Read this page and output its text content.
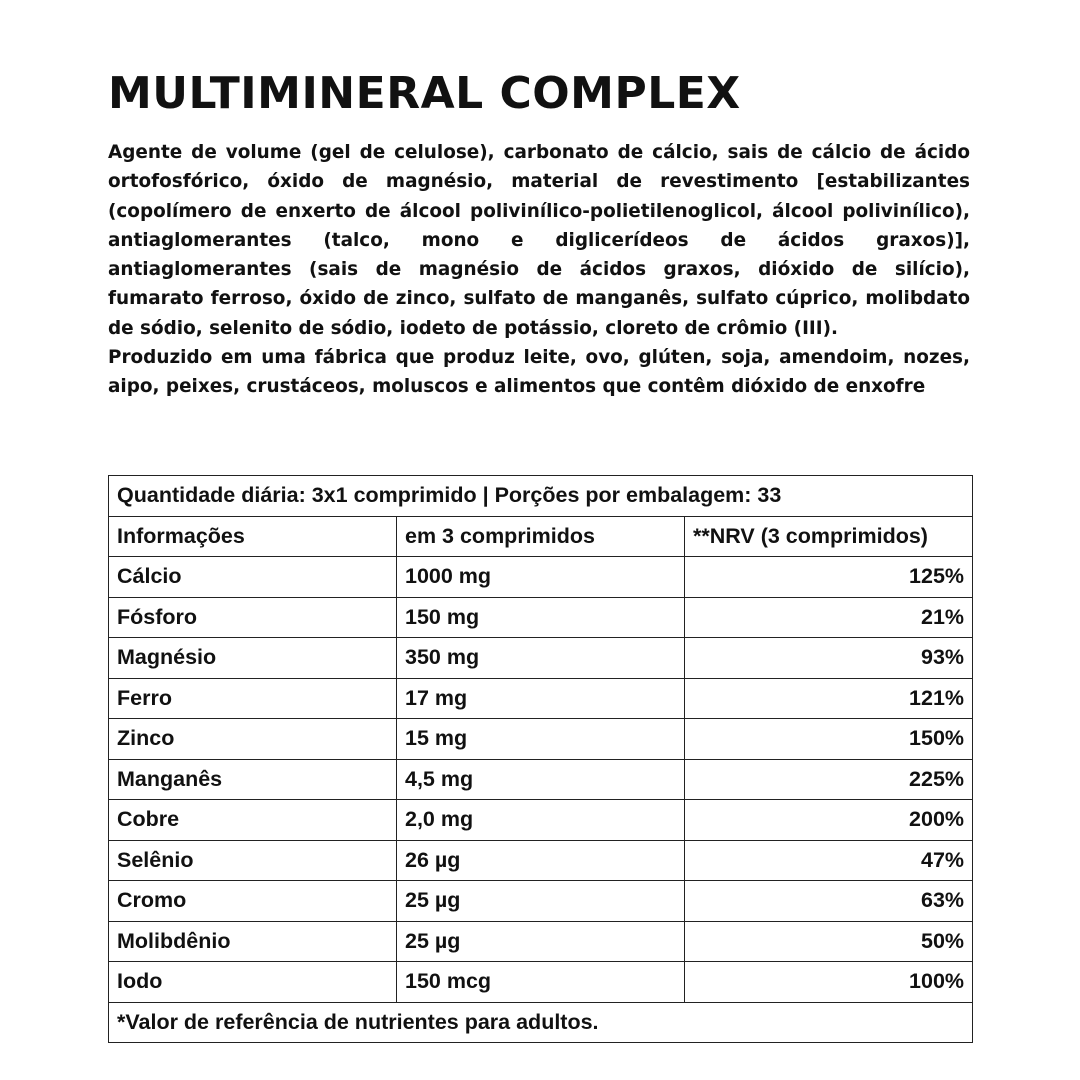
MULTIMINERAL COMPLEX

Agente de volume (gel de celulose), carbonato de cálcio, sais de cálcio de ácido ortofosfórico, óxido de magnésio, material de revestimento [estabilizantes (copolímero de enxerto de álcool polivinílico-polietilenoglicol, álcool polivinílico), antiaglomerantes (talco, mono e diglicerídeos de ácidos graxos)], antiaglomerantes (sais de magnésio de ácidos graxos, dióxido de silício), fumarato ferroso, óxido de zinco, sulfato de manganês, sulfato cúprico, molibdato de sódio, selenito de sódio, iodeto de potássio, cloreto de crômio (III).

Produzido em uma fábrica que produz leite, ovo, glúten, soja, amendoim, nozes, aipo, peixes, crustáceos, moluscos e alimentos que contêm dióxido de enxofre

Quantidade diária: 3x1 comprimido | Porções por embalagem: 33		
Informações	em 3 comprimidos	**NRV (3 comprimidos)
Cálcio	1000 mg	125%
Fósforo	150 mg	21%
Magnésio	350 mg	93%
Ferro	17 mg	121%
Zinco	15 mg	150%
Manganês	4,5 mg	225%
Cobre	2,0 mg	200%
Selênio	26 µg	47%
Cromo	25 µg	63%
Molibdênio	25 µg	50%
Iodo	150 mcg	100%
*Valor de referência de nutrientes para adultos.		
